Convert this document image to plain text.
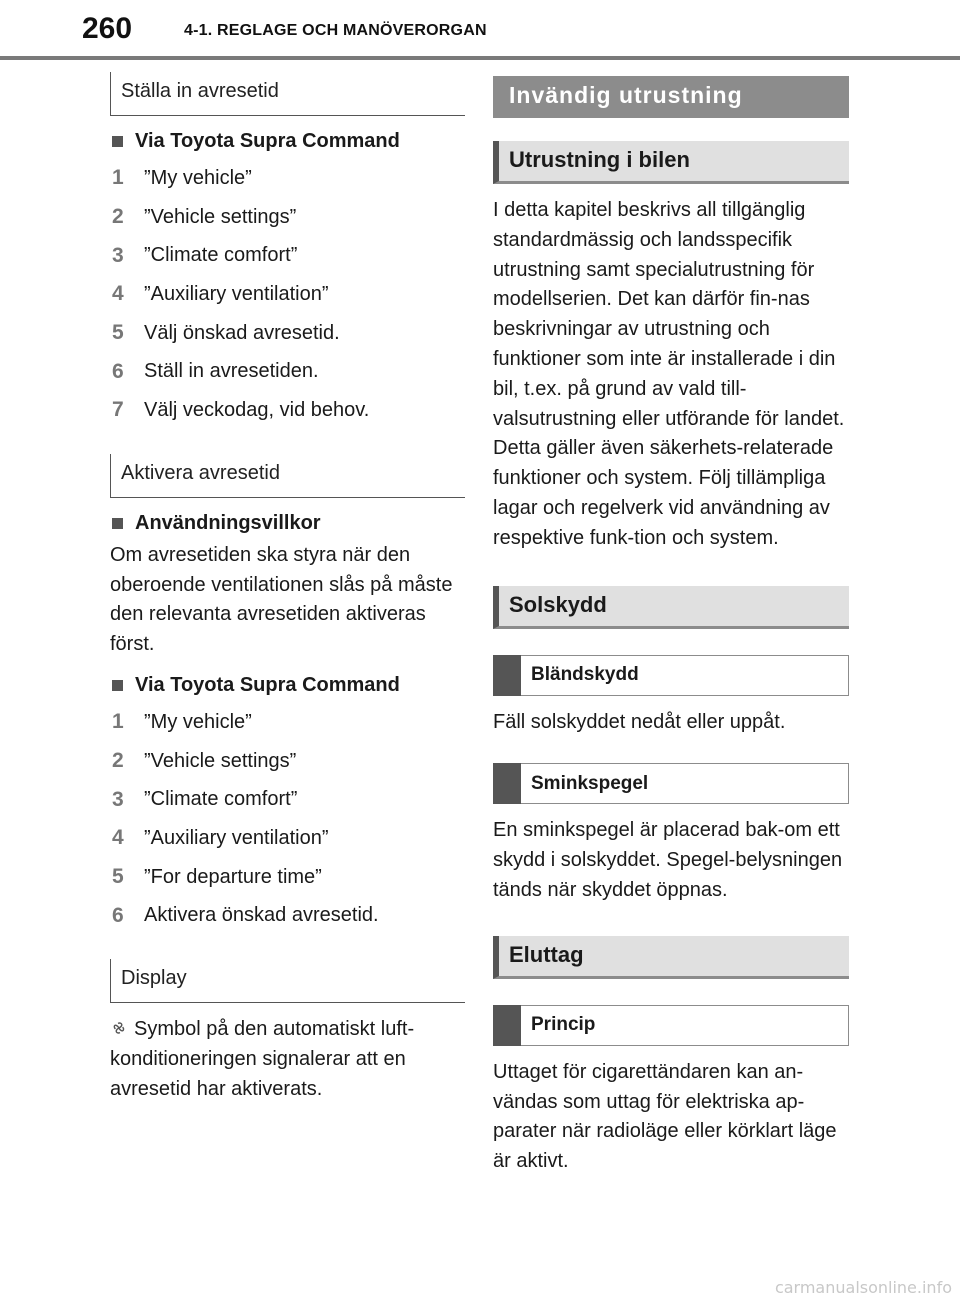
260	4-1. REGLAGE OCH MANÖVERORGAN
Ställa in avresetid
Via Toyota Supra Command
1	”My vehicle”
2	”Vehicle settings”
3	”Climate comfort”
4	”Auxiliary ventilation”
5	Välj önskad avresetid.
6	Ställ in avresetiden.
7	Välj veckodag, vid behov.
Aktivera avresetid
Användningsvillkor
Om avresetiden ska styra när den oberoende ventilationen slås på måste den relevanta avresetiden aktiveras först.
Via Toyota Supra Command
1	”My vehicle”
2	”Vehicle settings”
3	”Climate comfort”
4	”Auxiliary ventilation”
5	”For departure time”
6	Aktivera önskad avresetid.
Display
Symbol på den automatiskt luft-konditioneringen signalerar att en avresetid har aktiverats.
Invändig utrustning
Utrustning i bilen
I detta kapitel beskrivs all tillgänglig standardmässig och landsspecifik utrustning samt specialutrustning för modellserien. Det kan därför fin-nas beskrivningar av utrustning och funktioner som inte är installerade i din bil, t.ex. på grund av vald till-valsutrustning eller utförande för landet. Detta gäller även säkerhets-relaterade funktioner och system. Följ tillämpliga lagar och regelverk vid användning av respektive funk-tion och system.
Solskydd
Bländskydd
Fäll solskyddet nedåt eller uppåt.
Sminkspegel
En sminkspegel är placerad bak-om ett skydd i solskyddet. Spegel-belysningen tänds när skyddet öppnas.
Eluttag
Princip
Uttaget för cigarettändaren kan an-vändas som uttag för elektriska ap-parater när radioläge eller körklart läge är aktivt.
carmanualsonline.info
